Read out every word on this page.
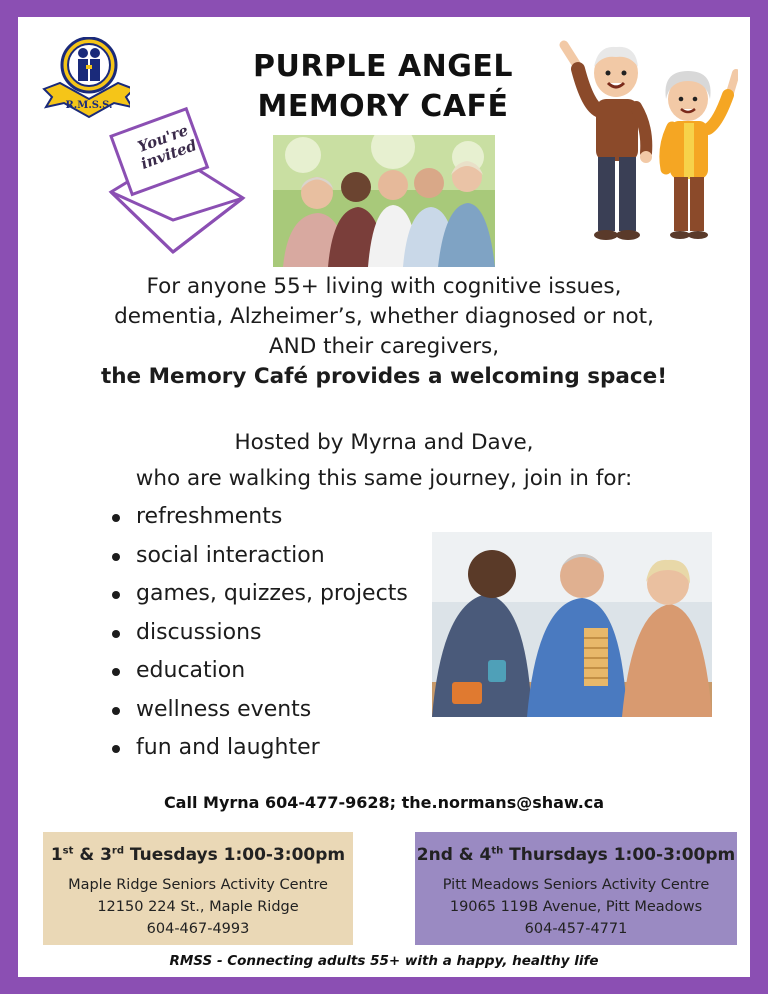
R.M.S.S.
You're invited
PURPLE ANGEL
MEMORY CAFÉ
For anyone 55+ living with cognitive issues,
dementia, Alzheimer’s, whether diagnosed or not,
AND their caregivers,
the Memory Café provides a welcoming space!
Hosted by Myrna and Dave,
who are walking this same journey, join in for:
refreshments
social interaction
games, quizzes, projects
discussions
education
wellness events
fun and laughter
Call Myrna 604-477-9628; the.normans@shaw.ca
1st & 3rd Tuesdays 1:00-3:00pm
Maple Ridge Seniors Activity Centre
12150 224 St., Maple Ridge
604-467-4993
2nd & 4th Thursdays 1:00-3:00pm
Pitt Meadows Seniors Activity Centre
19065 119B Avenue, Pitt Meadows
604-457-4771
RMSS - Connecting adults 55+ with a happy, healthy life
